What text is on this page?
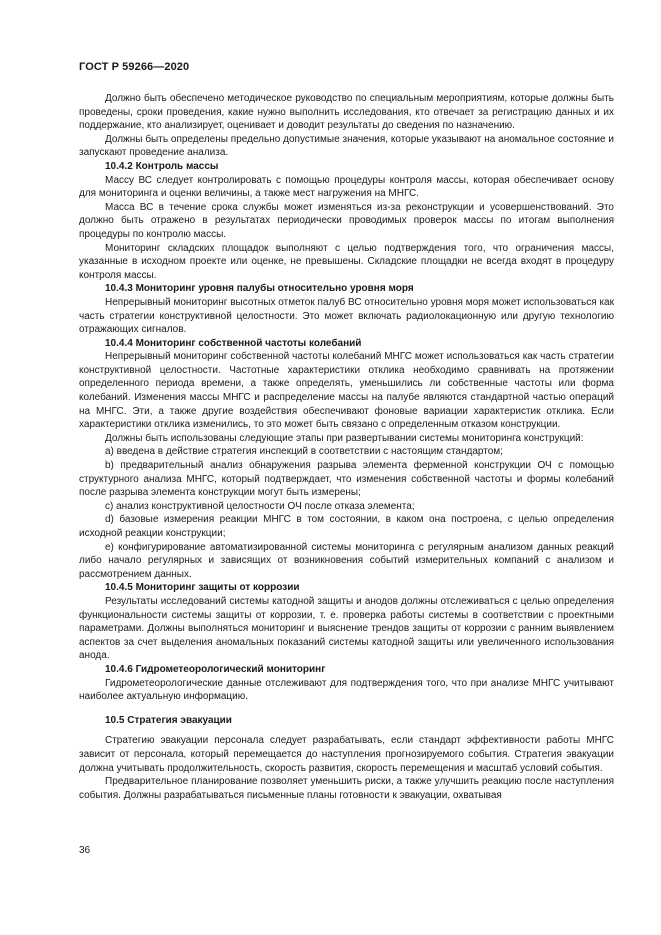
ГОСТ Р 59266—2020

Должно быть обеспечено методическое руководство по специальным мероприятиям, которые должны быть проведены, сроки проведения, какие нужно выполнить исследования, кто отвечает за регистрацию данных и их поддержание, кто анализирует, оценивает и доводит результаты до сведения по назначению.

Должны быть определены предельно допустимые значения, которые указывают на аномальное состояние и запускают проведение анализа.

10.4.2 Контроль массы

Массу ВС следует контролировать с помощью процедуры контроля массы, которая обеспечивает основу для мониторинга и оценки величины, а также мест нагружения на МНГС.

Масса ВС в течение срока службы может изменяться из-за реконструкции и усовершенствований. Это должно быть отражено в результатах периодически проводимых проверок массы по итогам выполнения процедуры по контролю массы.

Мониторинг складских площадок выполняют с целью подтверждения того, что ограничения массы, указанные в исходном проекте или оценке, не превышены. Складские площадки не всегда входят в процедуру контроля массы.

10.4.3 Мониторинг уровня палубы относительно уровня моря

Непрерывный мониторинг высотных отметок палуб ВС относительно уровня моря может использоваться как часть стратегии конструктивной целостности. Это может включать радиолокационную или другую технологию отражающих сигналов.

10.4.4 Мониторинг собственной частоты колебаний

Непрерывный мониторинг собственной частоты колебаний МНГС может использоваться как часть стратегии конструктивной целостности. Частотные характеристики отклика необходимо сравнивать на протяжении определенного периода времени, а также определять, уменьшились ли собственные частоты или форма колебаний. Изменения массы МНГС и распределение массы на палубе являются стандартной частью операций на МНГС. Эти, а также другие воздействия обеспечивают фоновые вариации характеристик отклика. Если характеристики отклика изменились, то это может быть связано с определенным отказом конструкции.

Должны быть использованы следующие этапы при развертывании системы мониторинга конструкций:

a) введена в действие стратегия инспекций в соответствии с настоящим стандартом;

b) предварительный анализ обнаружения разрыва элемента ферменной конструкции ОЧ с помощью структурного анализа МНГС, который подтверждает, что изменения собственной частоты и формы колебаний после разрыва элемента конструкции могут быть измерены;

c) анализ конструктивной целостности ОЧ после отказа элемента;

d) базовые измерения реакции МНГС в том состоянии, в каком она построена, с целью определения исходной реакции конструкции;

e) конфигурирование автоматизированной системы мониторинга с регулярным анализом данных реакций либо начало регулярных и зависящих от возникновения событий измерительных компаний с анализом и рассмотрением данных.

10.4.5 Мониторинг защиты от коррозии

Результаты исследований системы катодной защиты и анодов должны отслеживаться с целью определения функциональности системы защиты от коррозии, т. е. проверка работы системы в соответствии с проектными параметрами. Должны выполняться мониторинг и выяснение трендов защиты от коррозии с ранним выявлением аспектов за счет выделения аномальных показаний системы катодной защиты или увеличенного использования анода.

10.4.6 Гидрометеорологический мониторинг

Гидрометеорологические данные отслеживают для подтверждения того, что при анализе МНГС учитывают наиболее актуальную информацию.

10.5 Стратегия эвакуации

Стратегию эвакуации персонала следует разрабатывать, если стандарт эффективности работы МНГС зависит от персонала, который перемещается до наступления прогнозируемого события. Стратегия эвакуации должна учитывать продолжительность, скорость развития, скорость перемещения и масштаб условий события.

Предварительное планирование позволяет уменьшить риски, а также улучшить реакцию после наступления события. Должны разрабатываться письменные планы готовности к эвакуации, охватывая

36
